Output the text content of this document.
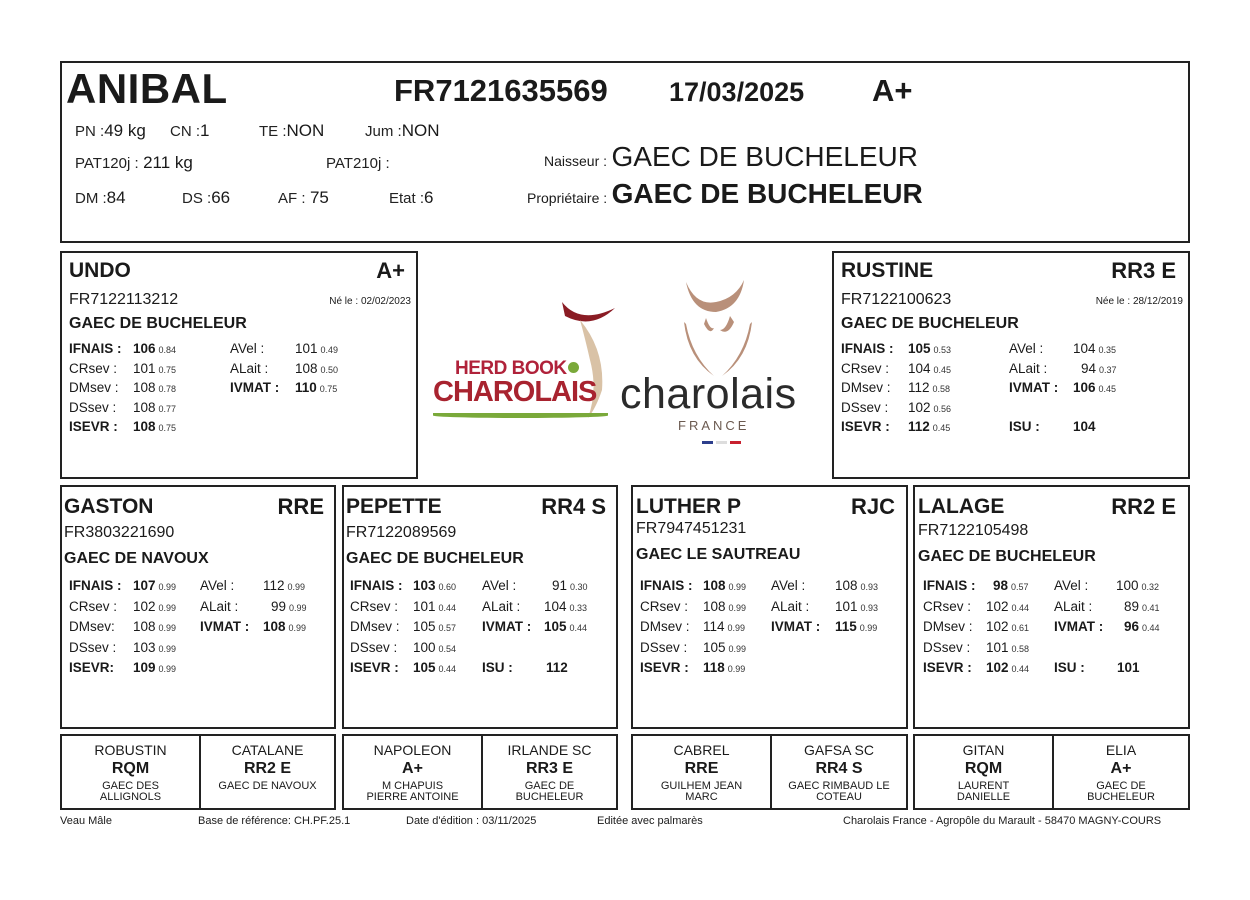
ANIBAL	FR7121635569 17/03/2025 A+
PN :49 kg CN :1	TE :NON	Jum :NON
PAT120j : 211 kg	PAT210j :	Naisseur : GAEC DE BUCHELEUR
DM :84	DS :66	AF : 75	Etat :6	Propriétaire : GAEC DE BUCHELEUR
UNDO	A+
FR7122113212	Né le : 02/02/2023
GAEC DE BUCHELEUR
IFNAIS : 106 0.84	AVel : 101 0.49
CRsev : 101 0.75	ALait : 108 0.50
DMsev : 108 0.78	IVMAT : 110 0.75
DSsev : 108 0.77
ISEVR : 108 0.75
HERD BOOK
CHAROLAIS charolais
FRANCE
RUSTINE	RR3 E
FR7122100623	Née le : 28/12/2019
GAEC DE BUCHELEUR
IFNAIS : 105 0.53	AVel : 104 0.35
CRsev : 104 0.45	ALait : 94 0.37
DMsev : 112 0.58	IVMAT : 106 0.45
DSsev : 102 0.56
ISEVR : 112 0.45	ISU : 104
GASTON	RRE
FR3803221690
GAEC DE NAVOUX
IFNAIS : 107 0.99 AVel : 112 0.99
CRsev : 102 0.99 ALait : 99 0.99
DMsev: 108 0.99 IVMAT : 108 0.99
DSsev : 103 0.99
ISEVR: 109 0.99
PEPETTE	RR4 S
FR7122089569
GAEC DE BUCHELEUR
IFNAIS : 103 0.60 AVel :	91 0.30
CRsev : 101 0.44 ALait : 104 0.33
DMsev : 105 0.57 IVMAT : 105 0.44
DSsev : 100 0.54
ISEVR : 105 0.44 ISU : 112
LUTHER P	RJC
FR7947451231
GAEC LE SAUTREAU
IFNAIS : 108 0.99 AVel : 108 0.93
CRsev : 108 0.99 ALait : 101 0.93
DMsev : 114 0.99 IVMAT : 115 0.99
DSsev : 105 0.99
ISEVR : 118 0.99
LALAGE	RR2 E
FR7122105498
GAEC DE BUCHELEUR
IFNAIS : 98 0.57 AVel : 100 0.32
CRsev : 102 0.44 ALait : 89 0.41
DMsev : 102 0.61 IVMAT : 96 0.44
DSsev : 101 0.58
ISEVR : 102 0.44 ISU : 101
ROBUSTIN
RQM
GAEC DES
ALLIGNOLS
CATALANE
RR2 E
GAEC DE NAVOUX
NAPOLEON
A+
M CHAPUIS
PIERRE ANTOINE
IRLANDE SC
RR3 E
GAEC DE
BUCHELEUR
CABREL
RRE
GUILHEM JEAN
MARC
GAFSA SC
RR4 S
GAEC RIMBAUD LE
COTEAU
GITAN
RQM
LAURENT
DANIELLE
ELIA
A+
GAEC DE
BUCHELEUR
Veau Mâle	Base de référence: CH.PF.25.1	Date d'édition : 03/11/2025	Editée avec palmarès	Charolais France - Agropôle du Marault - 58470 MAGNY-COURS
